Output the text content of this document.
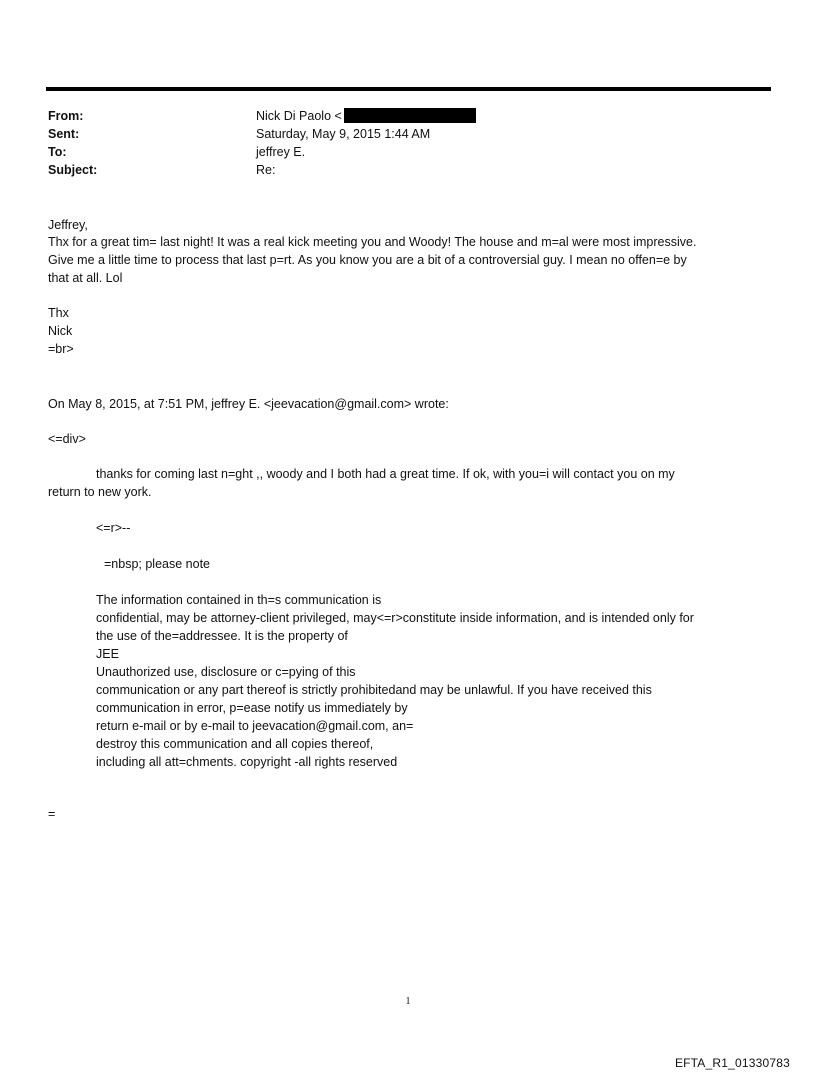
From:	Nick Di Paolo <
Sent:	Saturday, May 9, 2015 1:44 AM
To:	jeffrey E.
Subject:	Re:
Jeffrey,
Thx for a great tim= last night! It was a real kick meeting you and Woody! The house and m=al were most impressive.
Give me a little time to process that last p=rt. As you know you are a bit of a controversial guy. I mean no offen=e by
that at all. Lol
Thx
Nick
=br>
On May 8, 2015, at 7:51 PM, jeffrey E. <jeevacation@gmail.com> wrote:
<=div>
thanks for coming last n=ght ,, woody and I both had a great time. If ok, with you=i will contact you on my
return to new york.
<=r>--
=nbsp; please note
The information contained in th=s communication is
confidential, may be attorney-client privileged, may<=r>constitute inside information, and is intended only for
the use of the=addressee. It is the property of
JEE
Unauthorized use, disclosure or c=pying of this
communication or any part thereof is strictly prohibitedand may be unlawful. If you have received this
communication in error, p=ease notify us immediately by
return e-mail or by e-mail to jeevacation@gmail.com, an=
destroy this communication and all copies thereof,
including all att=chments. copyright -all rights reserved
=
1
EFTA_R1_01330783
